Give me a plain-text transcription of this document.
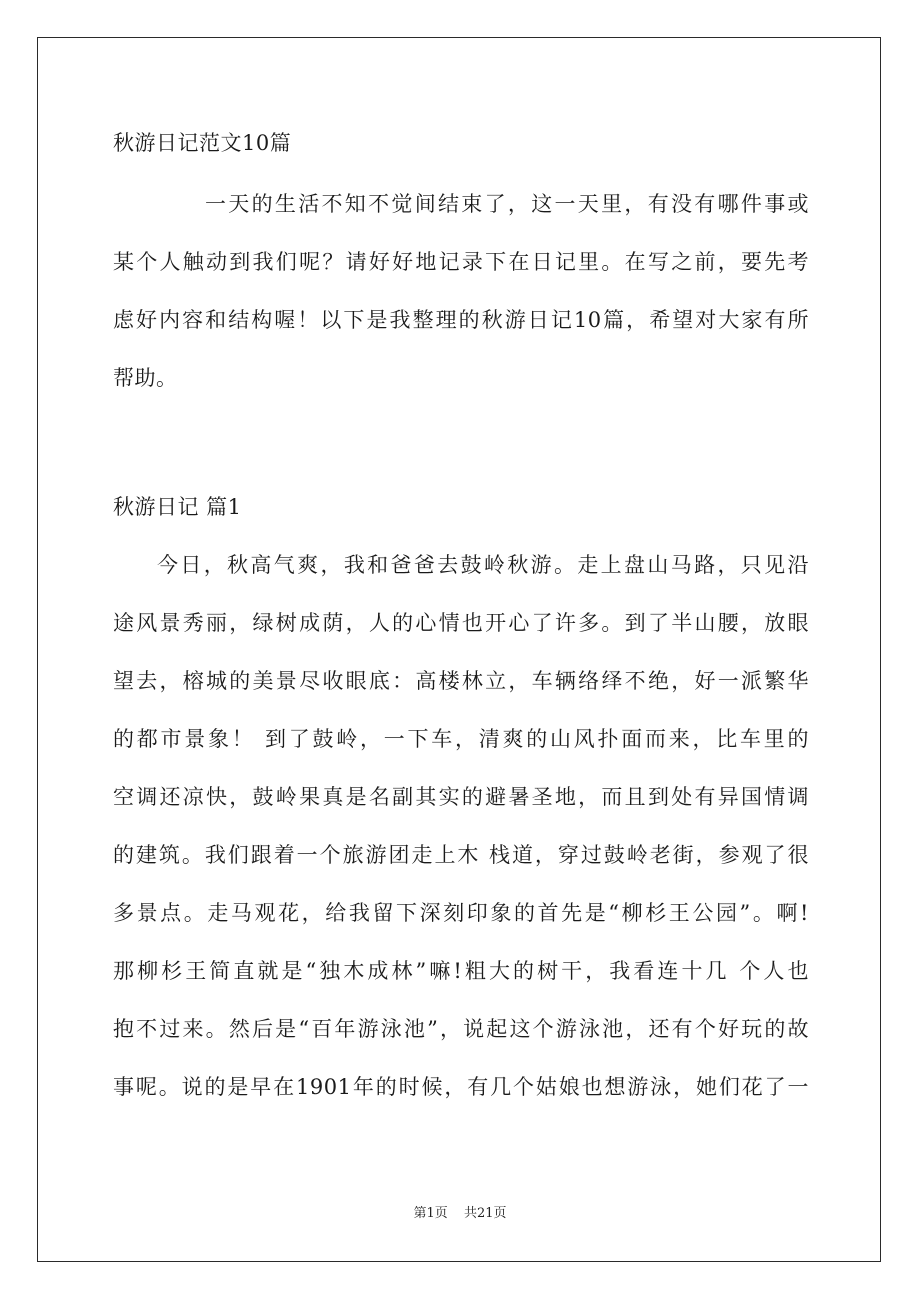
秋游日记范文10篇
一天的生活不知不觉间结束了，这一天里，有没有哪件事或
某个人触动到我们呢？请好好地记录下在日记里。在写之前，要先考
虑好内容和结构喔！以下是我整理的秋游日记10篇，希望对大家有所
帮助。
秋游日记 篇1
今日，秋高气爽，我和爸爸去鼓岭秋游。走上盘山马路，只见沿
途风景秀丽，绿树成荫，人的心情也开心了许多。到了半山腰，放眼
望去，榕城的美景尽收眼底：高楼林立，车辆络绎不绝，好一派繁华
的都市景象！ 到了鼓岭，一下车，清爽的山风扑面而来，比车里的
空调还凉快，鼓岭果真是名副其实的避暑圣地，而且到处有异国情调
的建筑。我们跟着一个旅游团走上木 栈道，穿过鼓岭老街，参观了很
多景点。走马观花，给我留下深刻印象的首先是“柳杉王公园”。啊!
那柳杉王简直就是“独木成林”嘛!粗大的树干，我看连十几 个人也
抱不过来。然后是“百年游泳池”，说起这个游泳池，还有个好玩的故
事呢。说的是早在1901年的时候，有几个姑娘也想游泳，她们花了一
第1页 共21页
